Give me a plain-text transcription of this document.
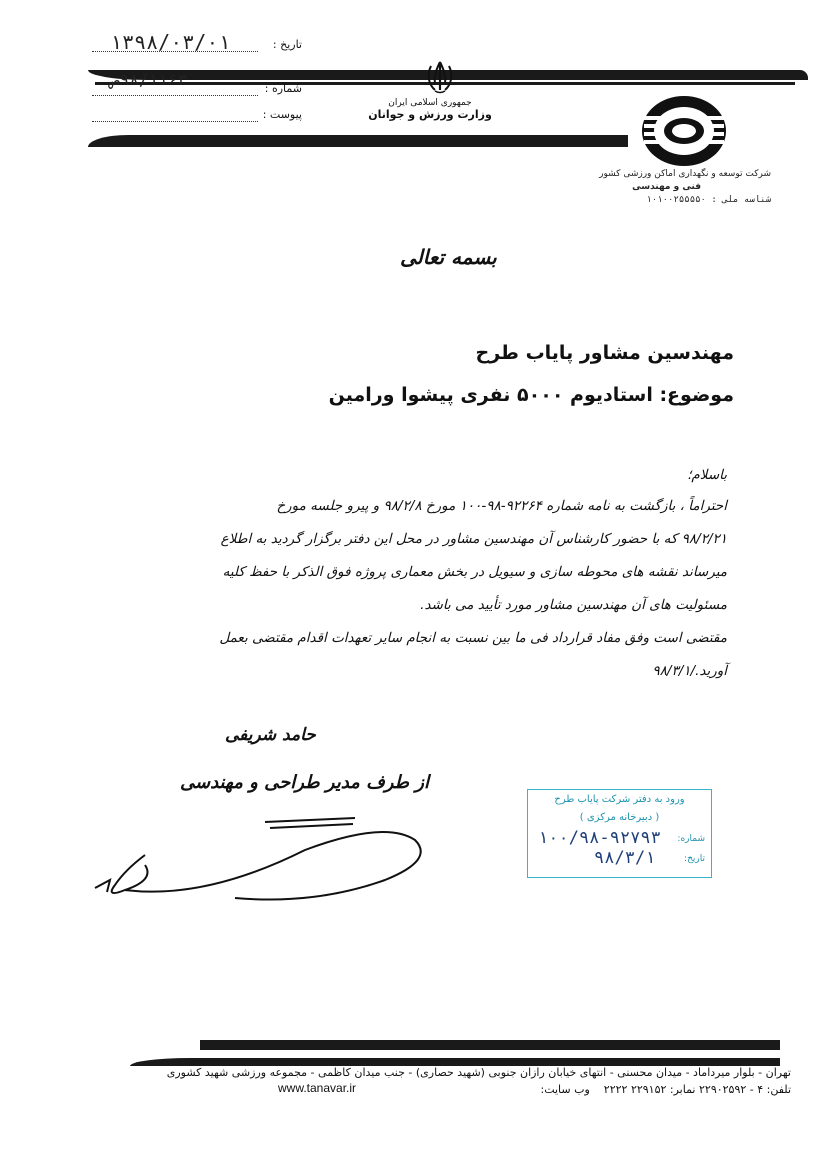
تاریخ :
۱۳۹۸/۰۳/۰۱
شماره :
۹۸/۱۱۶۳ص
پیوست :
جمهوری اسلامی ایران
وزارت ورزش و جوانان
شرکت توسعه و نگهداری اماکن ورزشی کشور
فنی و مهندسی
شناسه ملی : ۱۰۱۰۰۲۵۵۵۵۰
بسمه تعالی
مهندسین مشاور پایاب طرح
موضوع: استادیوم ۵۰۰۰ نفری پیشوا ورامین

باسلام؛

احتراماً ، بازگشت به نامه شماره ۹۲۲۶۴-۹۸-۱۰۰ مورخ ۹۸/۲/۸ و پیرو جلسه مورخ

۹۸/۲/۲۱ که با حضور کارشناس آن مهندسین مشاور در محل این دفتر برگزار گردید به اطلاع

میرساند نقشه های محوطه سازی و سیویل در بخش معماری پروژه فوق الذکر با حفظ کلیه

مسئولیت های آن مهندسین مشاور مورد تأیید می باشد.

مقتضی است وفق مفاد قرارداد فی ما بین نسبت به انجام سایر تعهدات اقدام مقتضی بعمل

آورید./۹۸/۳/۱

حامد شریفی
از طرف مدیر طراحی و مهندسی
ورود به دفتر شرکت پایاب طرح
( دبیرخانه مرکزی )
شماره:
۱۰۰/۹۸-۹۲۷۹۳
تاریخ:
۹۸/۳/۱
تهران - بلوار میرداماد - میدان محسنی - انتهای خیابان رازان جنوبی (شهید حصاری) - جنب میدان کاظمی - مجموعه ورزشی شهید کشوری
تلفن: ۴ - ۲۲۹۰۲۵۹۲ نمابر: ۲۲۹۱۵۲ ۲۲۲۲    وب سایت:
www.tanavar.ir
